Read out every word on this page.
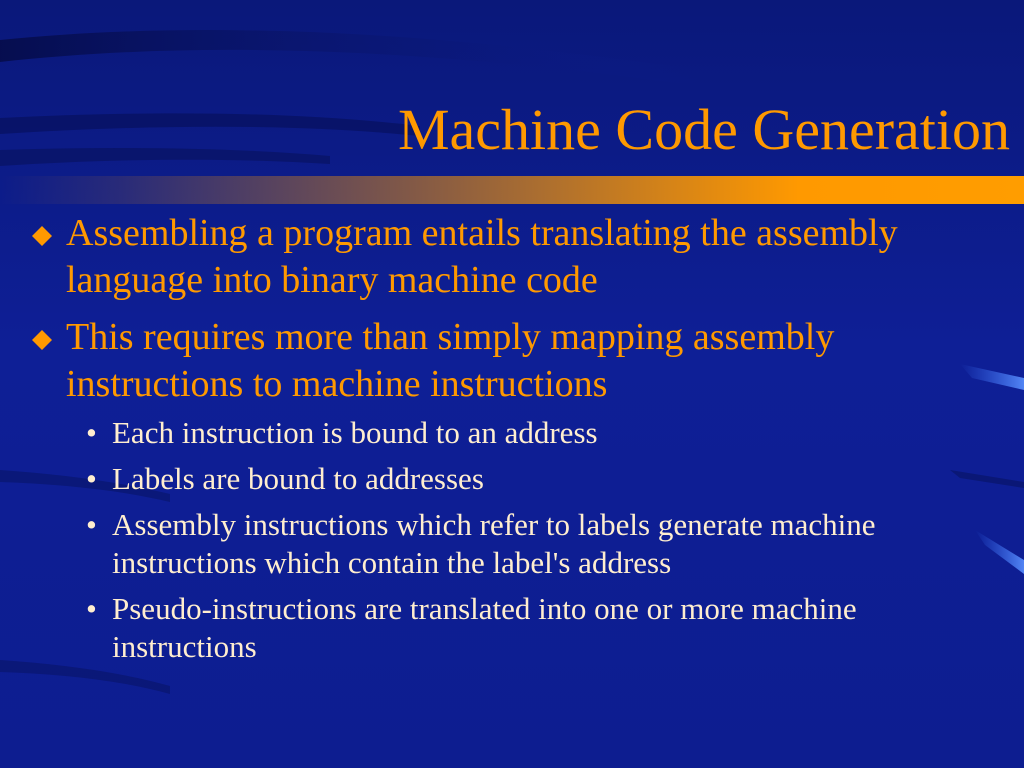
Machine Code Generation
Assembling a program entails translating the assembly language into binary machine code
This requires more than simply mapping assembly instructions to machine instructions
• Each instruction is bound to an address
• Labels are bound to addresses
• Assembly instructions which refer to labels generate machine instructions which contain the label's address
• Pseudo-instructions are translated into one or more machine instructions
